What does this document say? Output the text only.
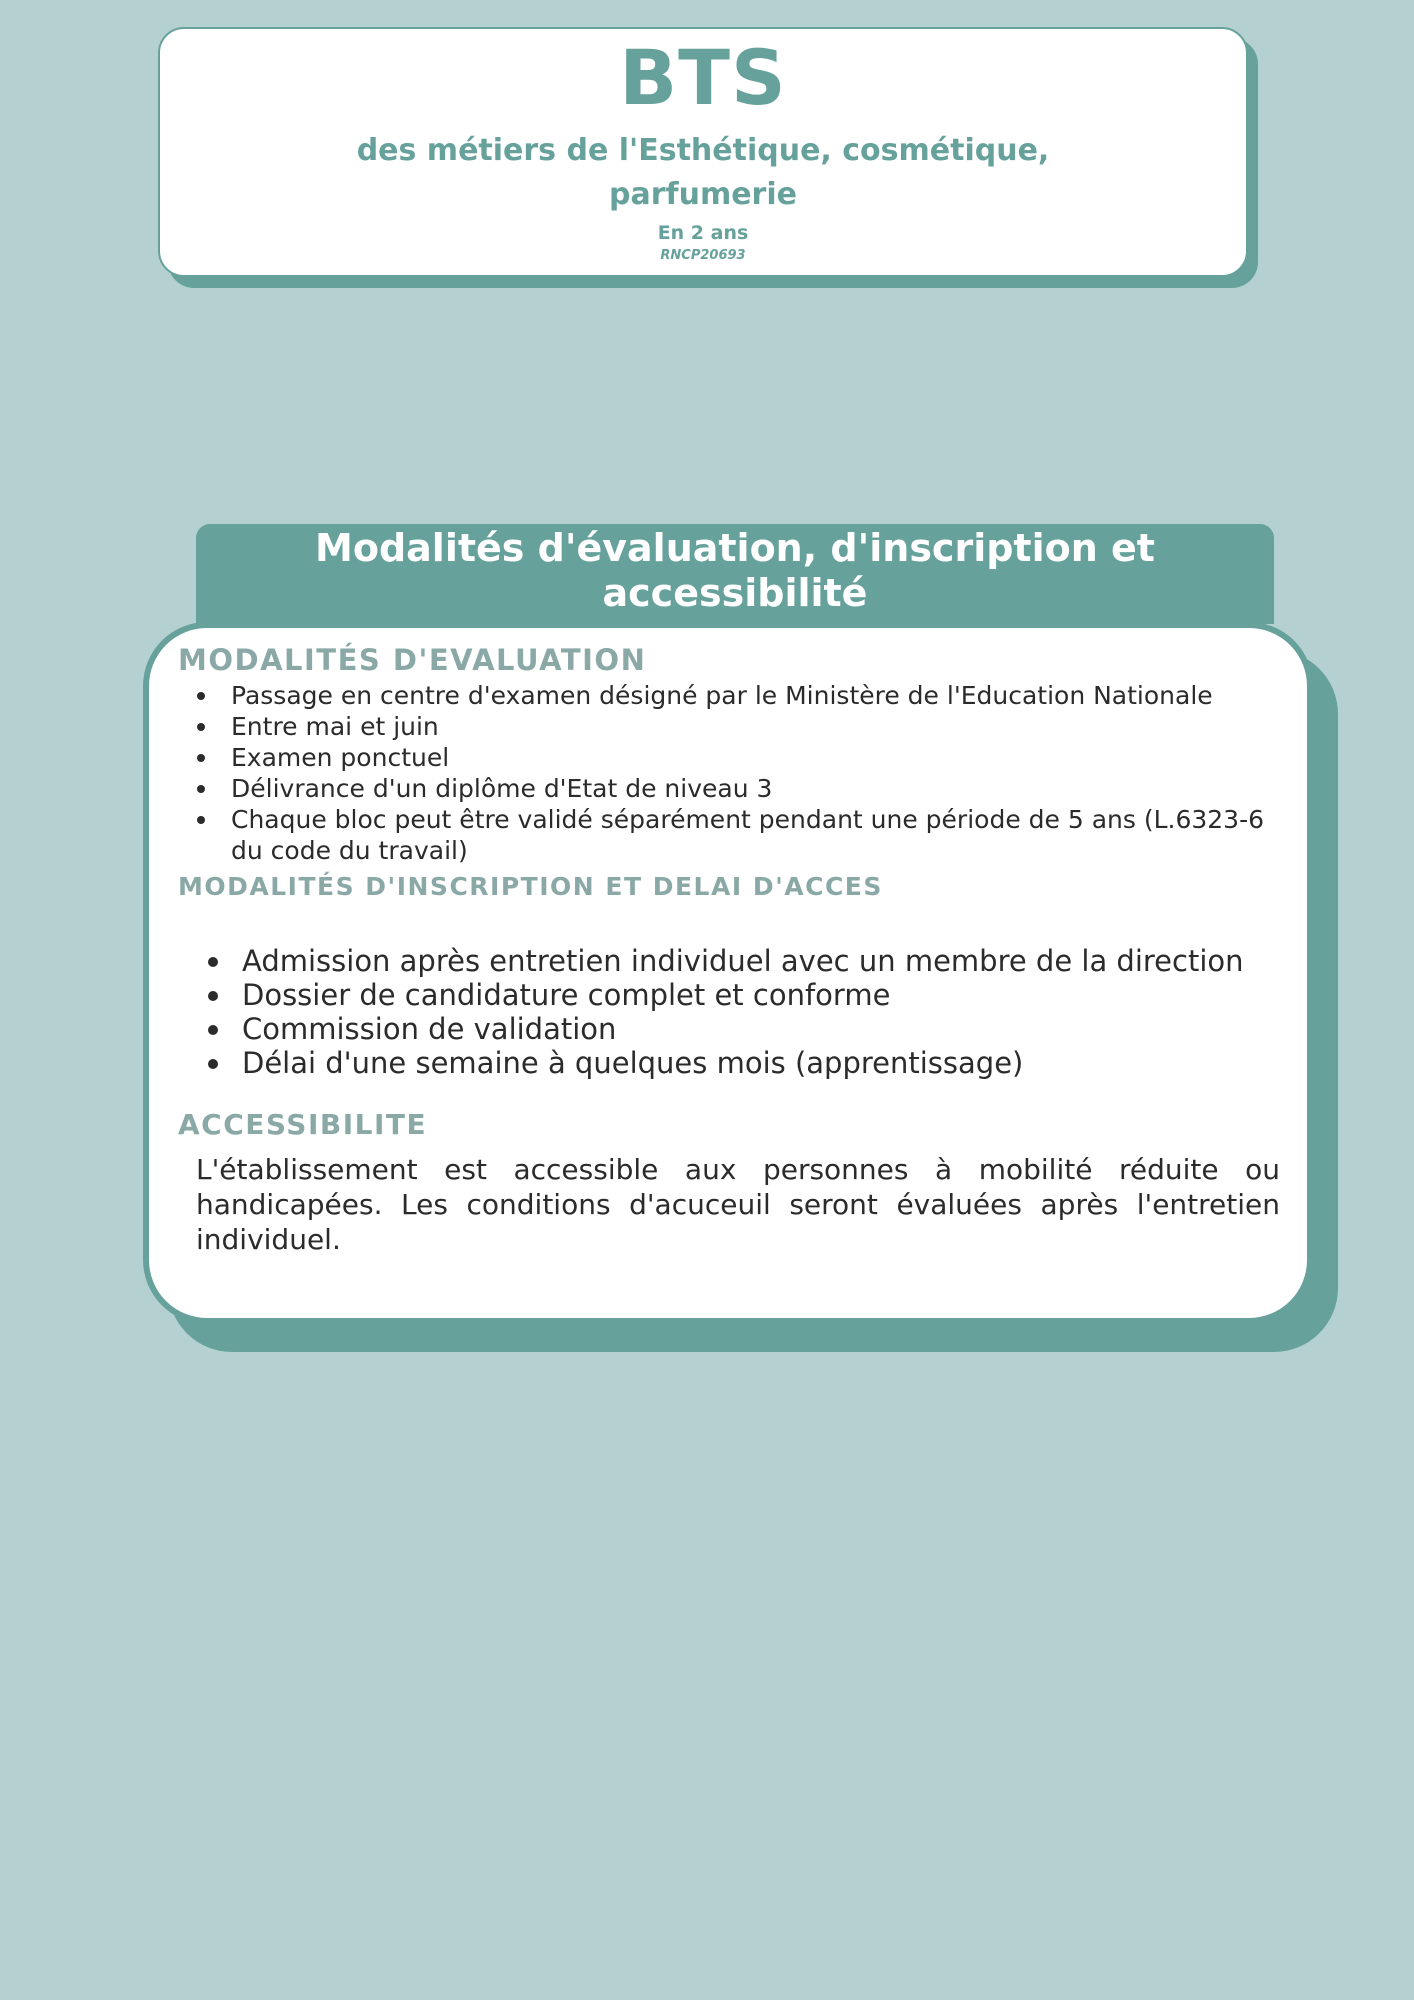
BTS
des métiers de l'Esthétique, cosmétique, parfumerie
En 2 ans
RNCP20693
Modalités d'évaluation, d'inscription et
accessibilité
MODALITÉS D'EVALUATION
Passage en centre d'examen désigné par le Ministère de l'Education Nationale
Entre mai et juin
Examen ponctuel
Délivrance d'un diplôme d'Etat de niveau 3
Chaque bloc peut être validé séparément pendant une période de 5 ans (L.6323-6 du code du travail)
MODALITÉS D'INSCRIPTION ET DELAI D'ACCES
Admission après entretien individuel avec un membre de la direction
Dossier de candidature complet et conforme
Commission de validation
Délai d'une semaine à quelques mois (apprentissage)
ACCESSIBILITE

L'établissement est accessible aux personnes à mobilité réduite ou handicapées. Les conditions d'acuceuil seront évaluées après l'entretien individuel.
